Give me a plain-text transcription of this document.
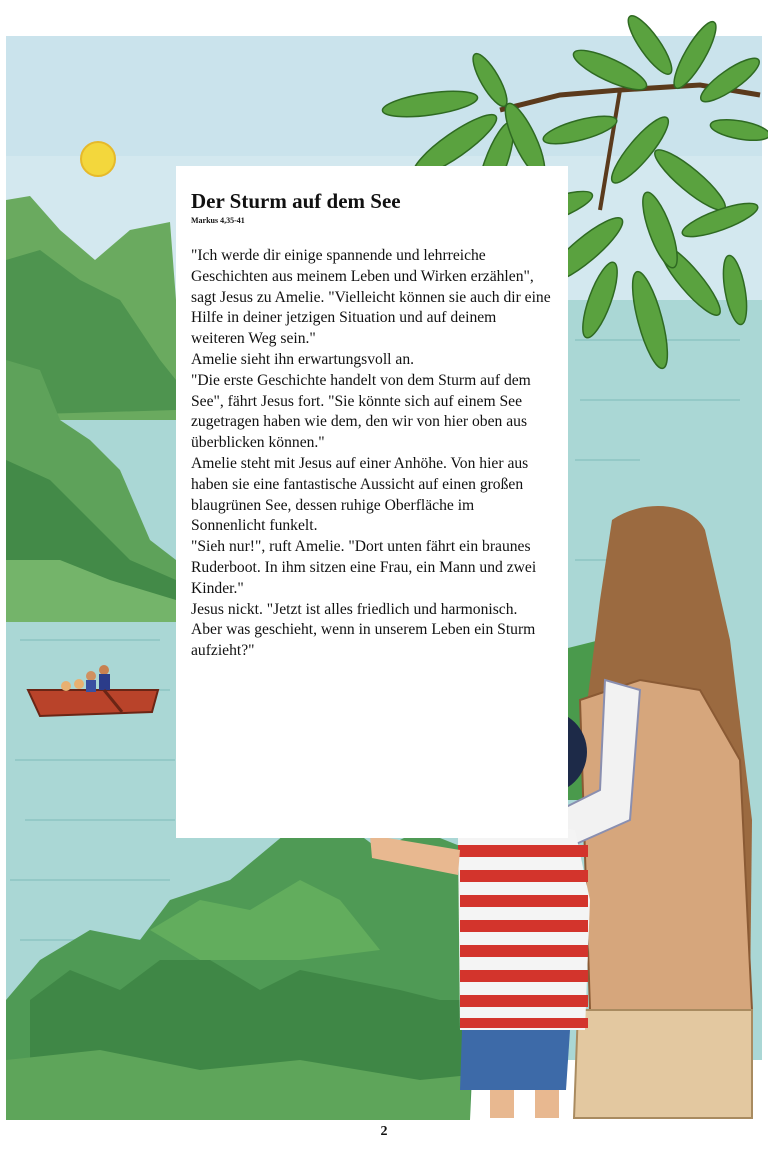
Der Sturm auf dem See
Markus 4,35-41

"Ich werde dir einige spannende und lehrreiche Geschichten aus meinem Leben und Wirken erzählen", sagt Jesus zu Amelie. "Vielleicht können sie auch dir eine Hilfe in deiner jetzigen Situation und auf deinem weiteren Weg sein."

Amelie sieht ihn erwartungsvoll an.

"Die erste Geschichte handelt von dem Sturm auf dem See", fährt Jesus fort. "Sie könnte sich auf einem See zugetragen haben wie dem, den wir von hier oben aus überblicken können."

Amelie steht mit Jesus auf einer Anhöhe. Von hier aus haben sie eine fantastische Aussicht auf einen großen blaugrünen See, dessen ruhige Oberfläche im Sonnenlicht funkelt.

"Sieh nur!", ruft Amelie. "Dort unten fährt ein braunes Ruderboot. In ihm sitzen eine Frau, ein Mann und zwei Kinder."

Jesus nickt. "Jetzt ist alles friedlich und harmonisch. Aber was geschieht, wenn in unserem Leben ein Sturm aufzieht?"

2
